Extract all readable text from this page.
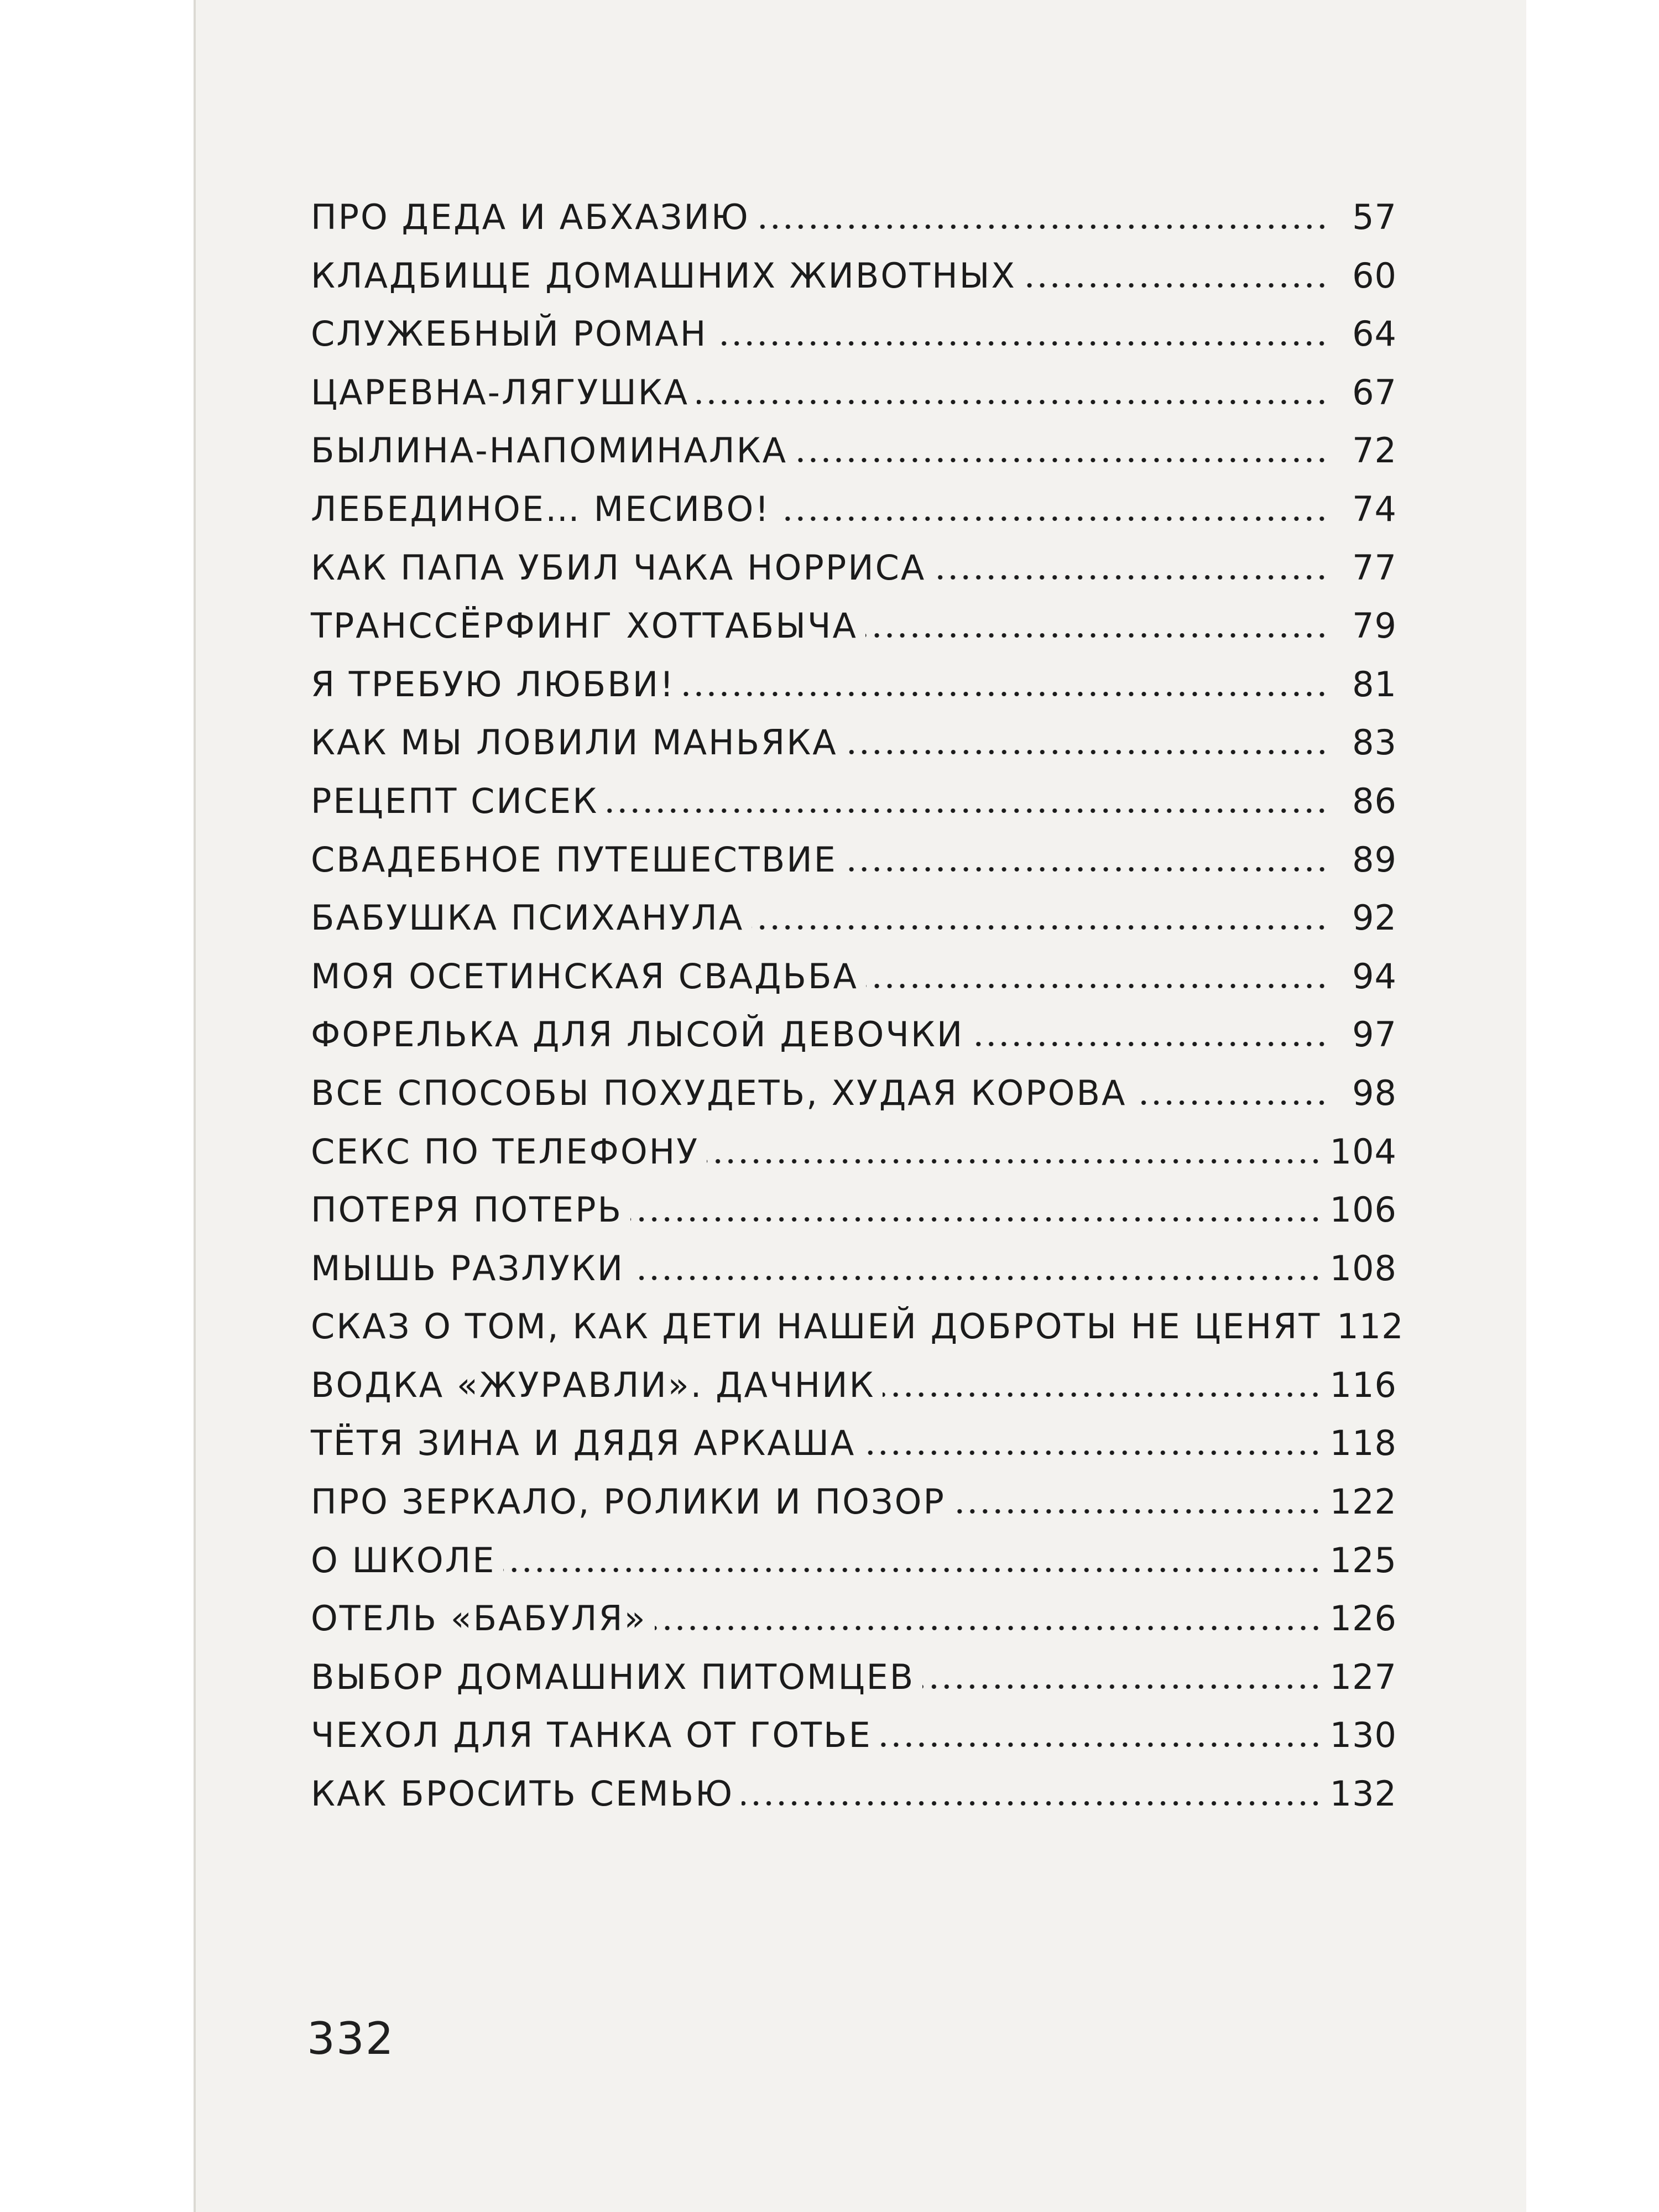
ПРО ДЕДА И АБХАЗИЮ	57
КЛАДБИЩЕ ДОМАШНИХ ЖИВОТНЫХ	60
СЛУЖЕБНЫЙ РОМАН	64
ЦАРЕВНА-ЛЯГУШКА	67
БЫЛИНА-НАПОМИНАЛКА	72
ЛЕБЕДИНОЕ… МЕСИВО!	74
КАК ПАПА УБИЛ ЧАКА НОРРИСА	77
ТРАНССЁРФИНГ ХОТТАБЫЧА	79
Я ТРЕБУЮ ЛЮБВИ!	81
КАК МЫ ЛОВИЛИ МАНЬЯКА	83
РЕЦЕПТ СИСЕК	86
СВАДЕБНОЕ ПУТЕШЕСТВИЕ	89
БАБУШКА ПСИХАНУЛА	92
МОЯ ОСЕТИНСКАЯ СВАДЬБА	94
ФОРЕЛЬКА ДЛЯ ЛЫСОЙ ДЕВОЧКИ	97
ВСЕ СПОСОБЫ ПОХУДЕТЬ, ХУДАЯ КОРОВА	98
СЕКС ПО ТЕЛЕФОНУ	104
ПОТЕРЯ ПОТЕРЬ	106
МЫШЬ РАЗЛУКИ	108
СКАЗ О ТОМ, КАК ДЕТИ НАШЕЙ ДОБРОТЫ НЕ ЦЕНЯТ 112
ВОДКА «ЖУРАВЛИ». ДАЧНИК	116
ТЁТЯ ЗИНА И ДЯДЯ АРКАША	118
ПРО ЗЕРКАЛО, РОЛИКИ И ПОЗОР	122
О ШКОЛЕ	125
ОТЕЛЬ «БАБУЛЯ»	126
ВЫБОР ДОМАШНИХ ПИТОМЦЕВ	127
ЧЕХОЛ ДЛЯ ТАНКА ОТ ГОТЬЕ	130
КАК БРОСИТЬ СЕМЬЮ	132
332
